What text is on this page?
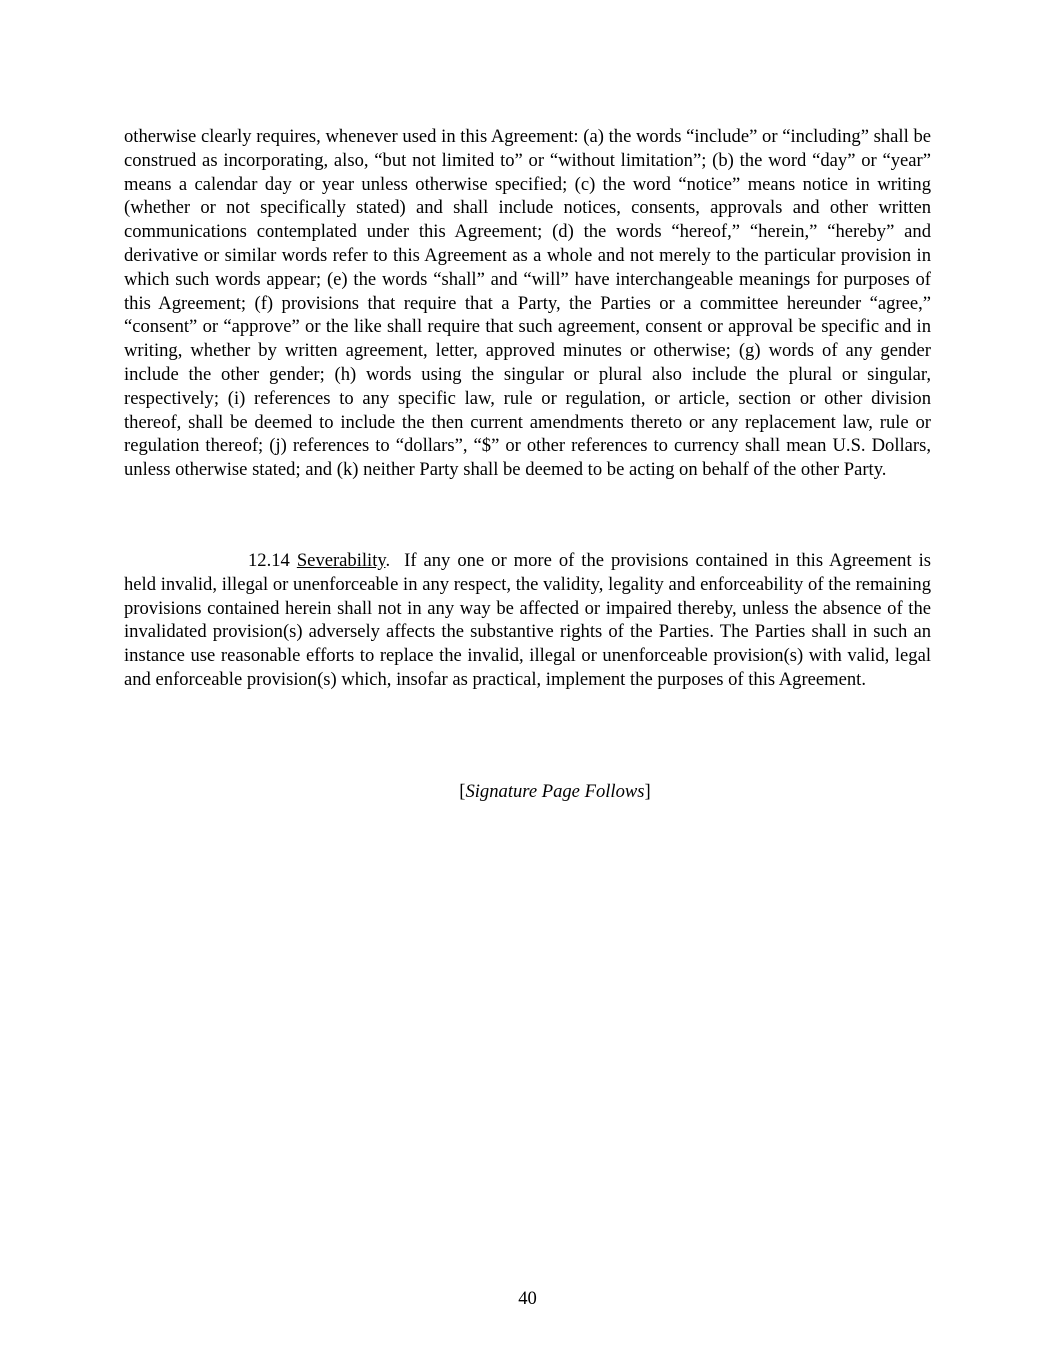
otherwise clearly requires, whenever used in this Agreement: (a) the words “include” or “including” shall be construed as incorporating, also, “but not limited to” or “without limitation”; (b) the word “day” or “year” means a calendar day or year unless otherwise specified; (c) the word “notice” means notice in writing (whether or not specifically stated) and shall include notices, consents, approvals and other written communications contemplated under this Agreement; (d) the words “hereof,” “herein,” “hereby” and derivative or similar words refer to this Agreement as a whole and not merely to the particular provision in which such words appear; (e) the words “shall” and “will” have interchangeable meanings for purposes of this Agreement; (f) provisions that require that a Party, the Parties or a committee hereunder “agree,” “consent” or “approve” or the like shall require that such agreement, consent or approval be specific and in writing, whether by written agreement, letter, approved minutes or otherwise; (g) words of any gender include the other gender; (h) words using the singular or plural also include the plural or singular, respectively; (i) references to any specific law, rule or regulation, or article, section or other division thereof, shall be deemed to include the then current amendments thereto or any replacement law, rule or regulation thereof; (j) references to “dollars”, “$” or other references to currency shall mean U.S. Dollars, unless otherwise stated; and (k) neither Party shall be deemed to be acting on behalf of the other Party.

12.14 Severability. If any one or more of the provisions contained in this Agreement is held invalid, illegal or unenforceable in any respect, the validity, legality and enforceability of the remaining provisions contained herein shall not in any way be affected or impaired thereby, unless the absence of the invalidated provision(s) adversely affects the substantive rights of the Parties. The Parties shall in such an instance use reasonable efforts to replace the invalid, illegal or unenforceable provision(s) with valid, legal and enforceable provision(s) which, insofar as practical, implement the purposes of this Agreement.

[Signature Page Follows]
40
